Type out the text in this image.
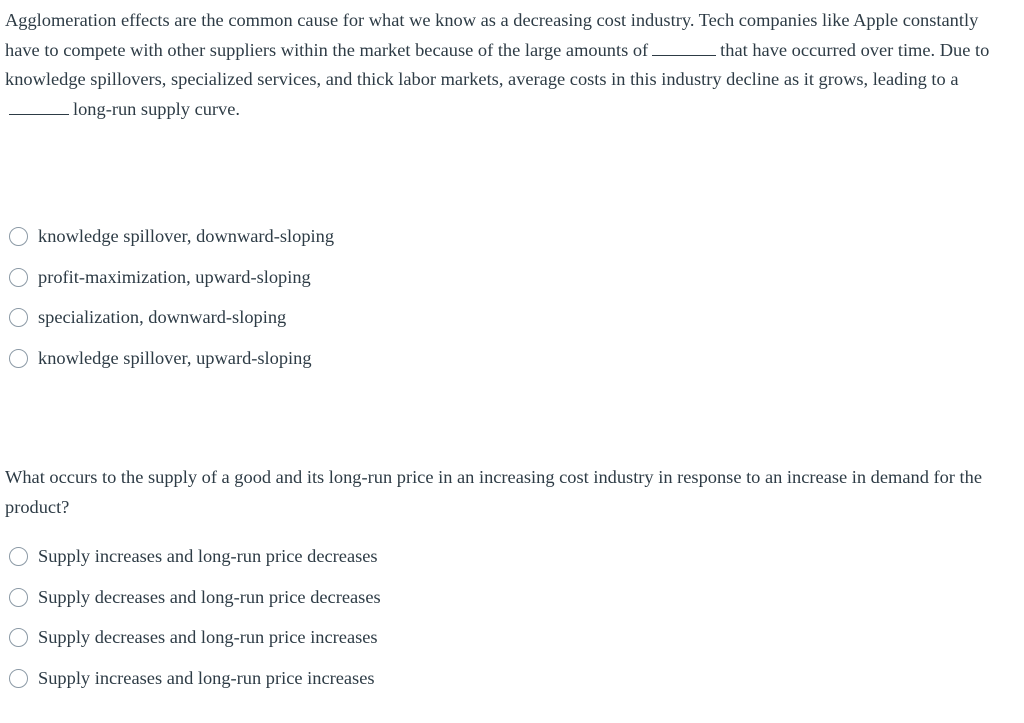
Agglomeration effects are the common cause for what we know as a decreasing cost industry. Tech companies like Apple constantly have to compete with other suppliers within the market because of the large amounts of	that have occurred over time. Due to knowledge spillovers, specialized services, and thick labor markets, average costs in this industry decline as it grows, leading to along-run supply curve.
knowledge spillover, downward-sloping
profit-maximization, upward-sloping
specialization, downward-sloping
knowledge spillover, upward-sloping
What occurs to the supply of a good and its long-run price in an increasing cost industry in response to an increase in demand for the product?
Supply increases and long-run price decreases
Supply decreases and long-run price decreases
Supply decreases and long-run price increases
Supply increases and long-run price increases
